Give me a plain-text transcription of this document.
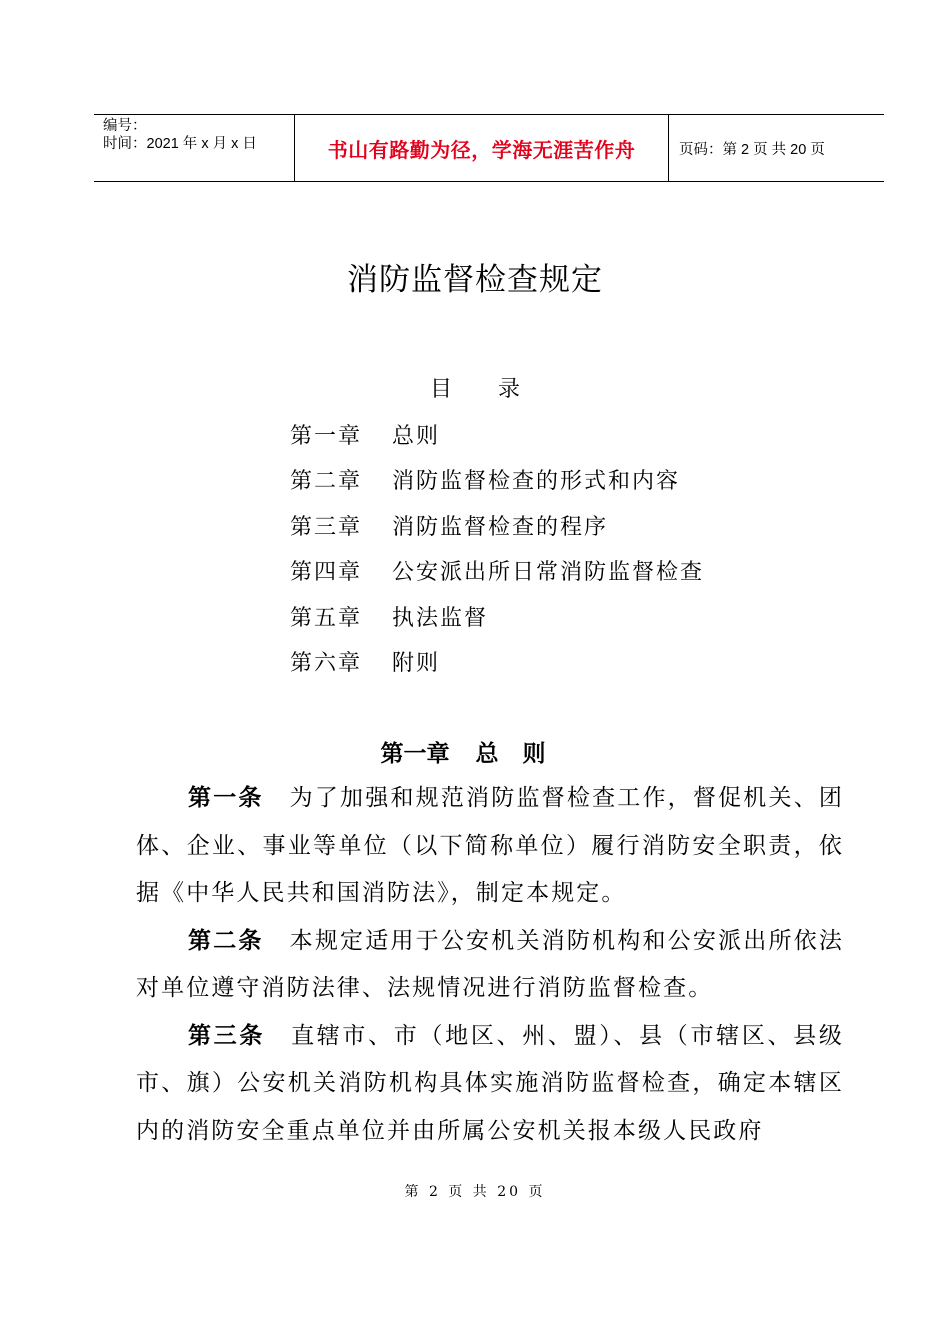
编号：
时间：2021 年 x 月 x 日	书山有路勤为径，学海无涯苦作舟	页码：第 2 页 共 20 页
消防监督检查规定
目录
第一章	总则
第二章	消防监督检查的形式和内容
第三章	消防监督检查的程序
第四章	公安派出所日常消防监督检查
第五章	执法监督
第六章	附则
第一章 总则

第一条 为了加强和规范消防监督检查工作，督促机关、团体、企业、事业等单位（以下简称单位）履行消防安全职责，依据《中华人民共和国消防法》，制定本规定。

第二条 本规定适用于公安机关消防机构和公安派出所依法对单位遵守消防法律、法规情况进行消防监督检查。

第三条 直辖市、市（地区、州、盟）、县（市辖区、县级市、旗）公安机关消防机构具体实施消防监督检查，确定本辖区内的消防安全重点单位并由所属公安机关报本级人民政府

第 2 页 共 20 页
